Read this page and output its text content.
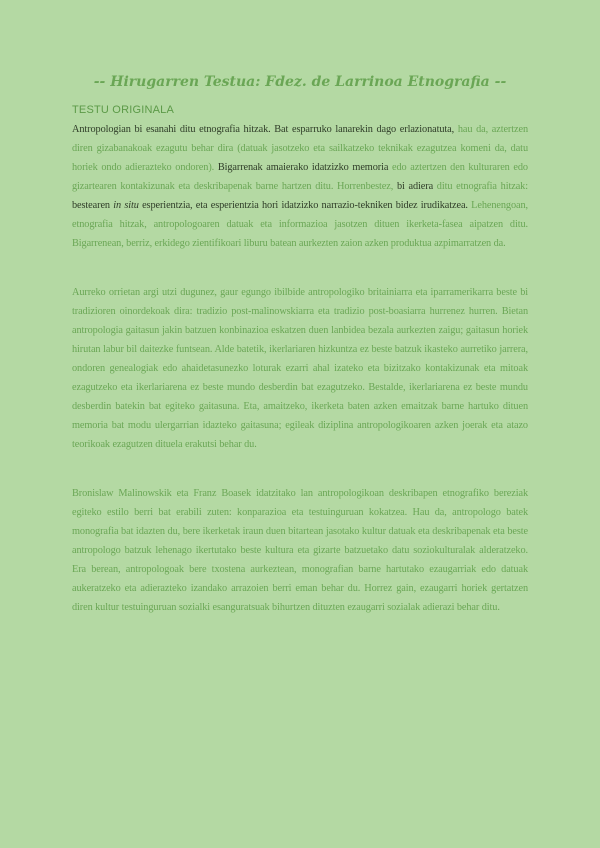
-- Hirugarren Testua: Fdez. de Larrinoa Etnografia --
TESTU ORIGINALA

Antropologian bi esanahi ditu etnografia hitzak. Bat esparruko lanarekin dago erlazionatuta, hau da, aztertzen diren gizabanakoak ezagutu behar dira (datuak jasotzeko eta sailkatzeko teknikak ezagutzea komeni da, datu horiek ondo adierazteko ondoren). Bigarrenak amaierako idatzizko memoria edo aztertzen den kulturaren edo gizartearen kontakizunak eta deskribapenak barne hartzen ditu. Horrenbestez, bi adiera ditu etnografia hitzak: bestearen in situ esperientzia, eta esperientzia hori idatzizko narrazio-tekniken bidez irudikatzea. Lehenengoan, etnografia hitzak, antropologoaren datuak eta informazioa jasotzen dituen ikerketa-fasea aipatzen ditu. Bigarrenean, berriz, erkidego zientifikoari liburu batean aurkezten zaion azken produktua azpimarratzen da.

Aurreko orrietan argi utzi dugunez, gaur egungo ibilbide antropologiko britainiarra eta iparramerikarra beste bi tradizioren oinordekoak dira: tradizio post-malinowskiarra eta tradizio post-boasiarra hurrenez hurren. Bietan antropologia gaitasun jakin batzuen konbinazioa eskatzen duen lanbidea bezala aurkezten zaigu; gaitasun horiek hirutan labur bil daitezke funtsean. Alde batetik, ikerlariaren hizkuntza ez beste batzuk ikasteko aurretiko jarrera, ondoren genealogiak edo ahaidetasunezko loturak ezarri ahal izateko eta bizitzako kontakizunak eta mitoak ezagutzeko eta ikerlariarena ez beste mundo desberdin bat ezagutzeko. Bestalde, ikerlariarena ez beste mundu desberdin batekin bat egiteko gaitasuna. Eta, amaitzeko, ikerketa baten azken emaitzak barne hartuko dituen memoria bat modu ulergarrian idazteko gaitasuna; egileak diziplina antropologikoaren azken joerak eta atazo teorikoak ezagutzen dituela erakutsi behar du.

Bronislaw Malinowskik eta Franz Boasek idatzitako lan antropologikoan deskribapen etnografiko bereziak egiteko estilo berri bat erabili zuten: konparazioa eta testuinguruan kokatzea. Hau da, antropologo batek monografia bat idazten du, bere ikerketak iraun duen bitartean jasotako kultur datuak eta deskribapenak eta beste antropologo batzuk lehenago ikertutako beste kultura eta gizarte batzuetako datu soziokulturalak alderatzeko. Era berean, antropologoak bere txostena aurkeztean, monografian barne hartutako ezaugarriak edo datuak aukeratzeko eta adierazteko izandako arrazoien berri eman behar du. Horrez gain, ezaugarri horiek gertatzen diren kultur testuinguruan sozialki esanguratsuak bihurtzen dituzten ezaugarri sozialak adierazi behar ditu.
